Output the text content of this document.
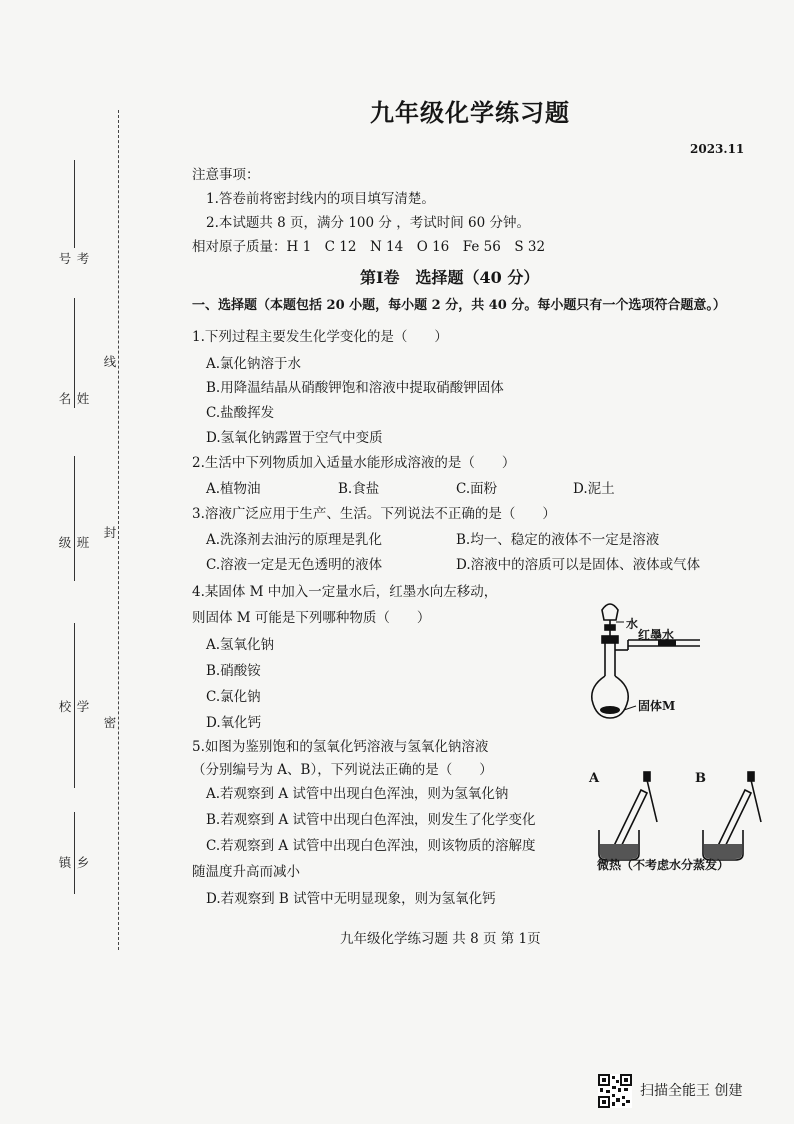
考号
姓名
班级
学校
乡镇
线
封
密
九年级化学练习题
2023.11
注意事项：
1.答卷前将密封线内的项目填写清楚。
2.本试题共 8 页，满分 100 分 ，考试时间 60 分钟。
相对原子质量：H 1　C 12　N 14　O 16　Fe 56　S 32
第Ⅰ卷　选择题（40 分）
一、选择题（本题包括 20 小题，每小题 2 分，共 40 分。每小题只有一个选项符合题意。）
1.下列过程主要发生化学变化的是（　　）
A.氯化钠溶于水
B.用降温结晶从硝酸钾饱和溶液中提取硝酸钾固体
C.盐酸挥发
D.氢氧化钠露置于空气中变质
2.生活中下列物质加入适量水能形成溶液的是（　　）
A.植物油	B.食盐	C.面粉	D.泥土
3.溶液广泛应用于生产、生活。下列说法不正确的是（　　）
A.洗涤剂去油污的原理是乳化	B.均一、稳定的液体不一定是溶液
C.溶液一定是无色透明的液体	D.溶液中的溶质可以是固体、液体或气体
4.某固体 M 中加入一定量水后，红墨水向左移动，
则固体 M 可能是下列哪种物质（　　）
A.氢氧化钠
B.硝酸铵
C.氯化钠
D.氧化钙
水
红墨水
固体M
5.如图为鉴别饱和的氢氧化钙溶液与氢氧化钠溶液
（分别编号为 A、B），下列说法正确的是（　　）
A.若观察到 A 试管中出现白色浑浊，则为氢氧化钠
B.若观察到 A 试管中出现白色浑浊，则发生了化学变化
C.若观察到 A 试管中出现白色浑浊，则该物质的溶解度
随温度升高而减小
D.若观察到 B 试管中无明显现象，则为氢氧化钙
A	B
微热（不考虑水分蒸发）
九年级化学练习题 共 8 页 第 1页
扫描全能王 创建
